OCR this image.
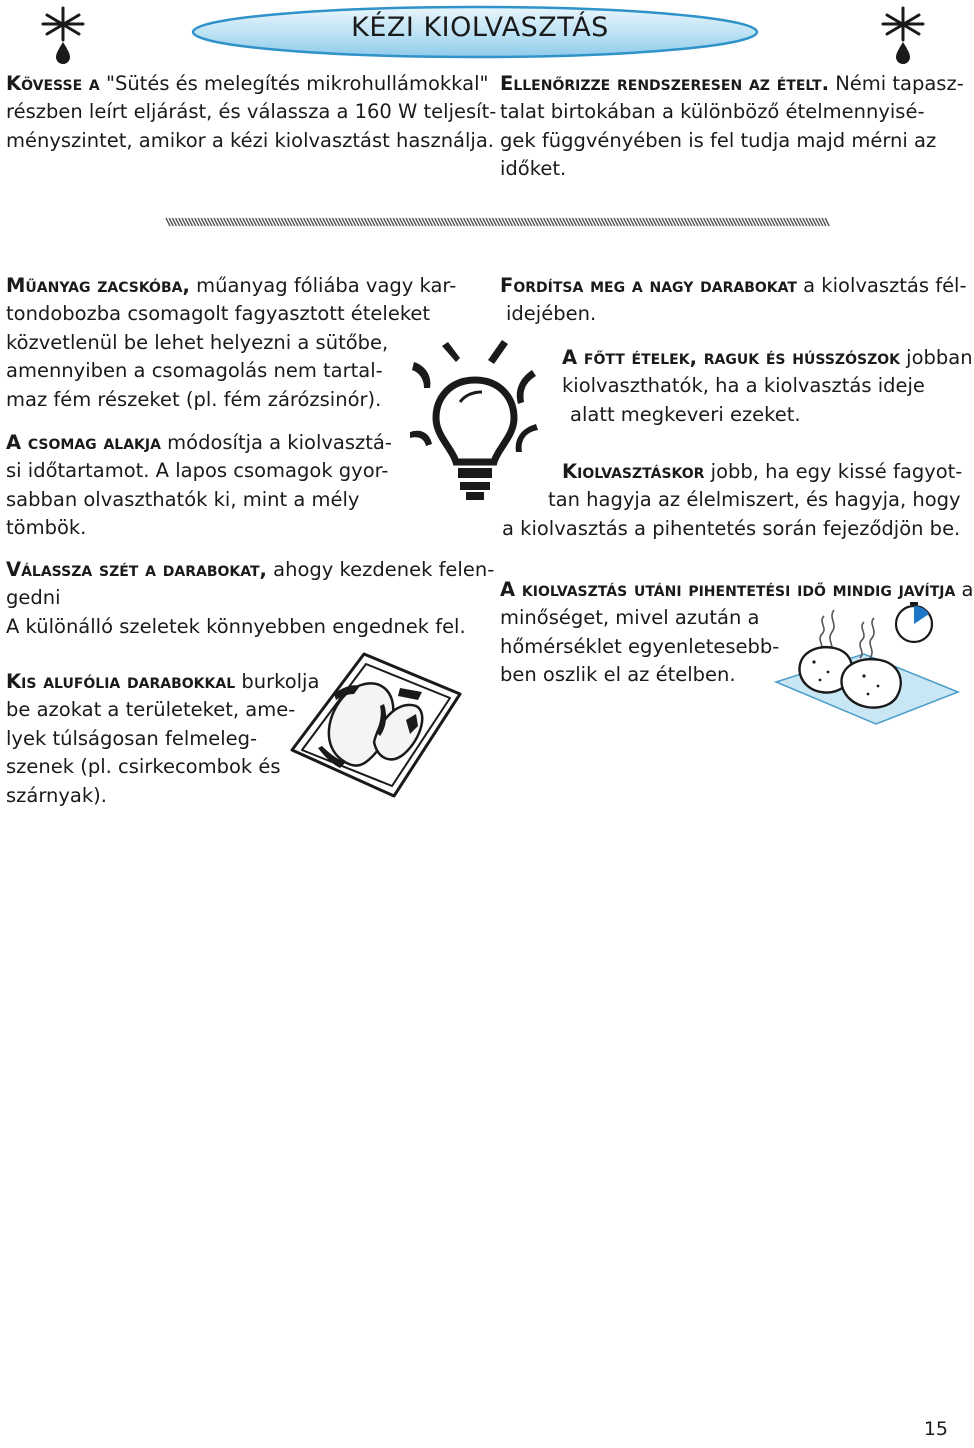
KÉZI KIOLVASZTÁS
Kövesse a "Sütés és melegítés mikrohullámokkal"
részben leírt eljárást, és válassza a 160 W teljesít-
ményszintet, amikor a kézi kiolvasztást használja.
Ellenőrizze rendszeresen az ételt. Némi tapasz-
talat birtokában a különböző ételmennyisé-
gek függvényében is fel tudja majd mérni az
időket.
Műanyag zacskóba, műanyag fóliába vagy kar-
tondobozba csomagolt fagyasztott ételeket
közvetlenül be lehet helyezni a sütőbe,
amennyiben a csomagolás nem tartal-
maz fém részeket (pl. fém zárózsinór).
A csomag alakja módosítja a kiolvasztá-
si időtartamot. A lapos csomagok gyor-
sabban olvaszthatók ki, mint a mély
tömbök.
Válassza szét a darabokat, ahogy kezdenek felen-
gedni
A különálló szeletek könnyebben engednek fel.
Kis alufólia darabokkal burkolja
be azokat a területeket, ame-
lyek túlságosan felmeleg-
szenek (pl. csirkecombok és
szárnyak).
Fordítsa meg a nagy darabokat a kiolvasztás fél-
idejében.
A főtt ételek, raguk és hússzószok jobban
kiolvaszthatók, ha a kiolvasztás ideje
alatt megkeveri ezeket.
Kiolvasztáskor jobb, ha egy kissé fagyot-
tan hagyja az élelmiszert, és hagyja, hogy
a kiolvasztás a pihentetés során fejeződjön be.
A kiolvasztás utáni pihentetési idő mindig javítja a
minőséget, mivel azután a
hőmérséklet egyenletesebb-
ben oszlik el az ételben.
15
